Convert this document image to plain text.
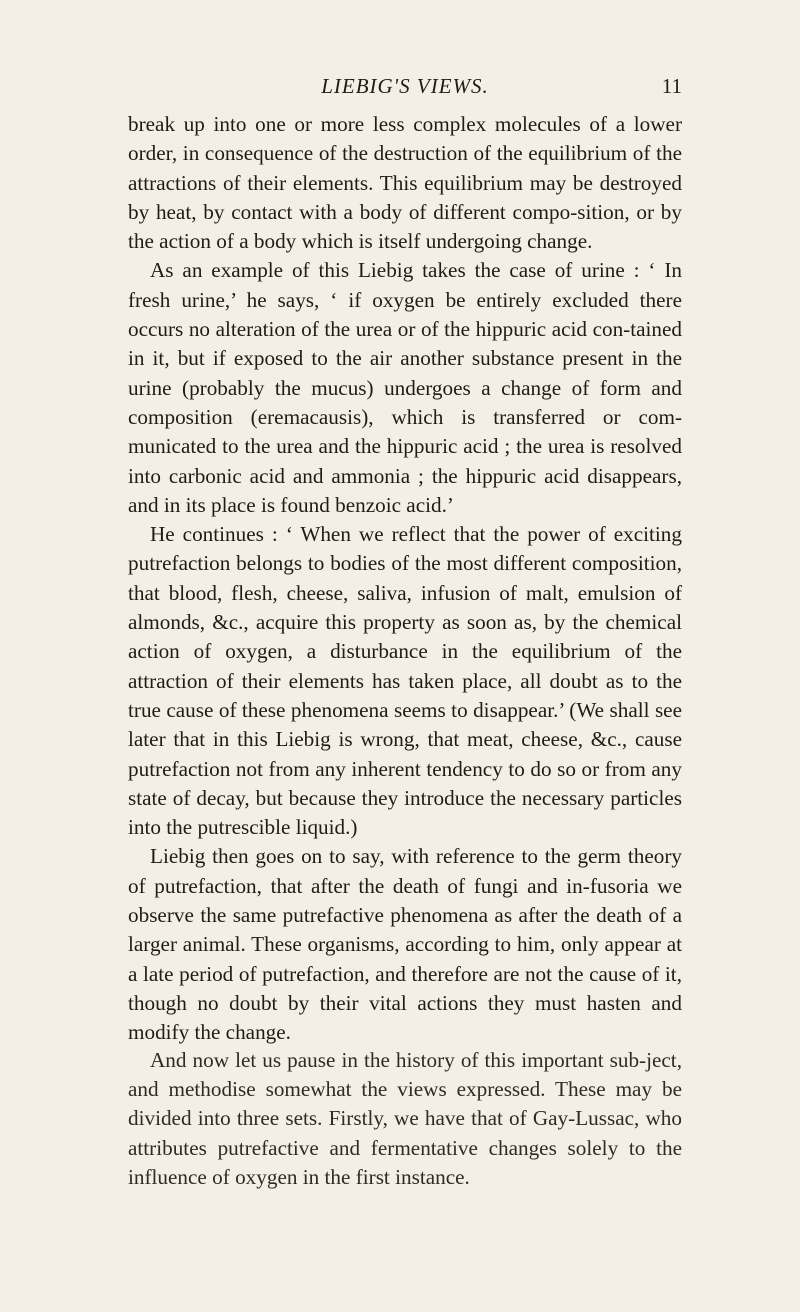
LIEBIG'S VIEWS.	11

break up into one or more less complex molecules of a lower order, in consequence of the destruction of the equilibrium of the attractions of their elements. This equilibrium may be destroyed by heat, by contact with a body of different compo-sition, or by the action of a body which is itself undergoing change.

As an example of this Liebig takes the case of urine : ‘ In fresh urine,’ he says, ‘ if oxygen be entirely excluded there occurs no alteration of the urea or of the hippuric acid con-tained in it, but if exposed to the air another substance present in the urine (probably the mucus) undergoes a change of form and composition (eremacausis), which is transferred or com-municated to the urea and the hippuric acid ; the urea is resolved into carbonic acid and ammonia ; the hippuric acid disappears, and in its place is found benzoic acid.’

He continues : ‘ When we reflect that the power of exciting putrefaction belongs to bodies of the most different composition, that blood, flesh, cheese, saliva, infusion of malt, emulsion of almonds, &c., acquire this property as soon as, by the chemical action of oxygen, a disturbance in the equilibrium of the attraction of their elements has taken place, all doubt as to the true cause of these phenomena seems to disappear.’ (We shall see later that in this Liebig is wrong, that meat, cheese, &c., cause putrefaction not from any inherent tendency to do so or from any state of decay, but because they introduce the necessary particles into the putrescible liquid.)

Liebig then goes on to say, with reference to the germ theory of putrefaction, that after the death of fungi and in-fusoria we observe the same putrefactive phenomena as after the death of a larger animal. These organisms, according to him, only appear at a late period of putrefaction, and therefore are not the cause of it, though no doubt by their vital actions they must hasten and modify the change.

And now let us pause in the history of this important sub-ject, and methodise somewhat the views expressed. These may be divided into three sets. Firstly, we have that of Gay-Lussac, who attributes putrefactive and fermentative changes solely to the influence of oxygen in the first instance.
